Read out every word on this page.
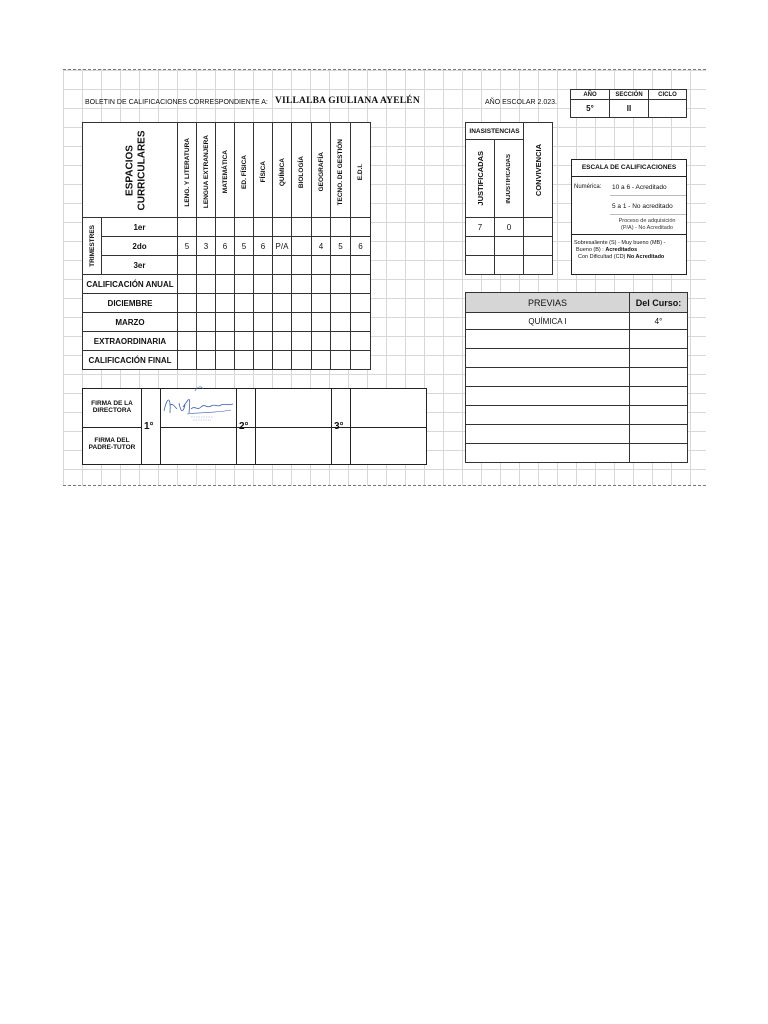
BOLETIN DE CALIFICACIONES CORRESPONDIENTE A: VILLALBA GIULIANA AYELÉN	AÑO ESCOLAR 2.023.
AÑO	SECCIÓN	CICLO
5°	II	

		LENG. Y LITERATURA	LENGUA EXTRANJERA	MATEMÁTICA	ED. FÍSICA	FÍSICA	QUÍMICA	BIOLOGÍA	GEOGRAFÍA	TECNO. DE GESTIÓN	E.D.I.

TRIMESTRES	1er										
	2do	5	3	6	5	6	P/A		4	5	6
	3er										
CALIFICACIÓN ANUAL											
DICIEMBRE											
MARZO											
EXTRAORDINARIA											
CALIFICACIÓN FINAL											
ESPACIOS CURRICULARES	INASISTENCIAS		CONVIVENCIA

JUSTIFICADAS	INJUSTIFICADAS	

7	0	

ESCALA DE CALIFICACIONES
Numérica: 10 a 6 - Acreditado
5 a 1 - No acreditado
Proceso de adquisición
(P/A) - No Acreditado
Sobresaliente (S) - Muy bueno (MB) -
Bueno (B) : Acreditados
Con Dificultad (CD) No Acreditado
PREVIAS	Del Curso:
QUÍMICA I	4°

FIRMA DE LA
DIRECTORA
FIRMA DEL
PADRE-TUTOR
1°	2°	3°
